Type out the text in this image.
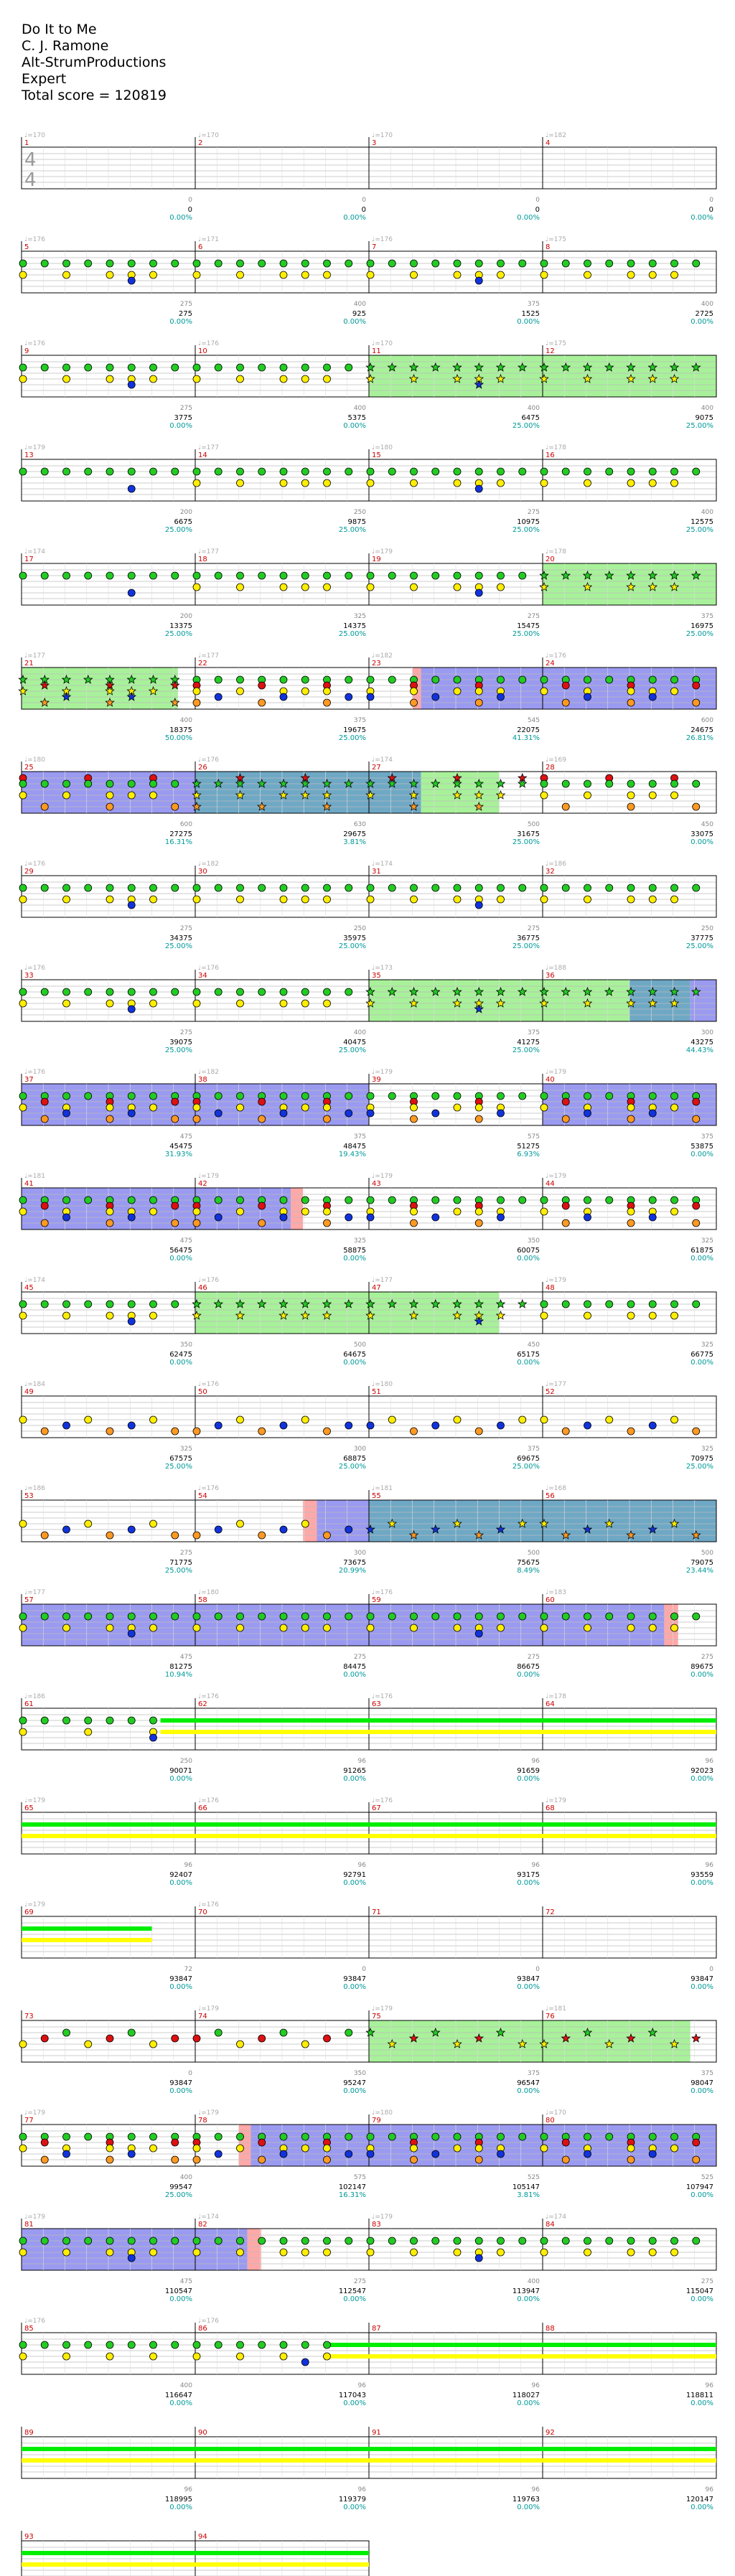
Do It to Me
C. J. Ramone
Alt-StrumProductions
Expert
Total score = 120819
♩=170
1
0
0.00%
0
♩=170
2
0
0.00%
0
♩=170
3
0
0.00%
0
♩=182
4
0
0.00%
0
4
4
♩=176
5
275
0.00%
275
♩=171
6
925
0.00%
400
♩=176
7
1525
0.00%
375
♩=175
8
2725
0.00%
400
♩=176
9
3775
0.00%
275
♩=176
10
5375
0.00%
400
♩=170
11
6475
25.00%
400
♩=175
12
9075
25.00%
400
♩=179
13
6675
25.00%
200
♩=177
14
9875
25.00%
250
♩=180
15
10975
25.00%
275
♩=178
16
12575
25.00%
400
♩=174
17
13375
25.00%
200
♩=177
18
14375
25.00%
325
♩=179
19
15475
25.00%
275
♩=178
20
16975
25.00%
375
♩=177
21
18375
50.00%
400
♩=177
22
19675
25.00%
375
♩=182
23
22075
41.31%
545
♩=176
24
24675
26.81%
600
♩=180
25
27275
16.31%
600
♩=176
26
29675
3.81%
630
♩=174
27
31675
25.00%
500
♩=169
28
33075
0.00%
450
♩=176
29
34375
25.00%
275
♩=182
30
35975
25.00%
250
♩=174
31
36775
25.00%
275
♩=186
32
37775
25.00%
250
♩=176
33
39075
25.00%
275
♩=176
34
40475
25.00%
400
♩=173
35
41275
25.00%
375
♩=188
36
43275
44.43%
300
♩=176
37
45475
31.93%
475
♩=182
38
48475
19.43%
375
♩=179
39
51275
6.93%
575
♩=179
40
53875
0.00%
375
♩=181
41
56475
0.00%
475
♩=179
42
58875
0.00%
325
♩=179
43
60075
0.00%
350
♩=179
44
61875
0.00%
325
♩=174
45
62475
0.00%
350
♩=176
46
64675
0.00%
500
♩=177
47
65175
0.00%
450
♩=179
48
66775
0.00%
325
♩=184
49
67575
25.00%
325
♩=176
50
68875
25.00%
300
♩=180
51
69675
25.00%
375
♩=177
52
70975
25.00%
325
♩=186
53
71775
25.00%
275
♩=176
54
73675
20.99%
300
♩=181
55
75675
8.49%
500
♩=168
56
79075
23.44%
500
♩=177
57
81275
10.94%
475
♩=180
58
84475
0.00%
275
♩=176
59
86675
0.00%
275
♩=183
60
89675
0.00%
275
♩=186
61
90071
0.00%
250
♩=176
62
91265
0.00%
96
♩=176
63
91659
0.00%
96
♩=178
64
92023
0.00%
96
♩=179
65
92407
0.00%
96
♩=176
66
92791
0.00%
96
♩=176
67
93175
0.00%
96
♩=179
68
93559
0.00%
96
♩=179
69
93847
0.00%
72
♩=176
70
93847
0.00%
0
71
93847
0.00%
0
72
93847
0.00%
0
73
93847
0.00%
0
♩=179
74
95247
0.00%
350
♩=179
75
96547
0.00%
375
♩=181
76
98047
0.00%
375
♩=179
77
99547
25.00%
400
♩=179
78
102147
16.31%
575
♩=180
79
105147
3.81%
525
♩=170
80
107947
0.00%
525
♩=179
81
110547
0.00%
475
♩=174
82
112547
0.00%
275
♩=179
83
113947
0.00%
400
♩=174
84
115047
0.00%
275
♩=176
85
116647
0.00%
400
♩=176
86
117043
0.00%
96
87
118027
0.00%
96
88
118811
0.00%
96
89
118995
0.00%
96
90
119379
0.00%
96
91
119763
0.00%
96
92
120147
0.00%
96
93	94
